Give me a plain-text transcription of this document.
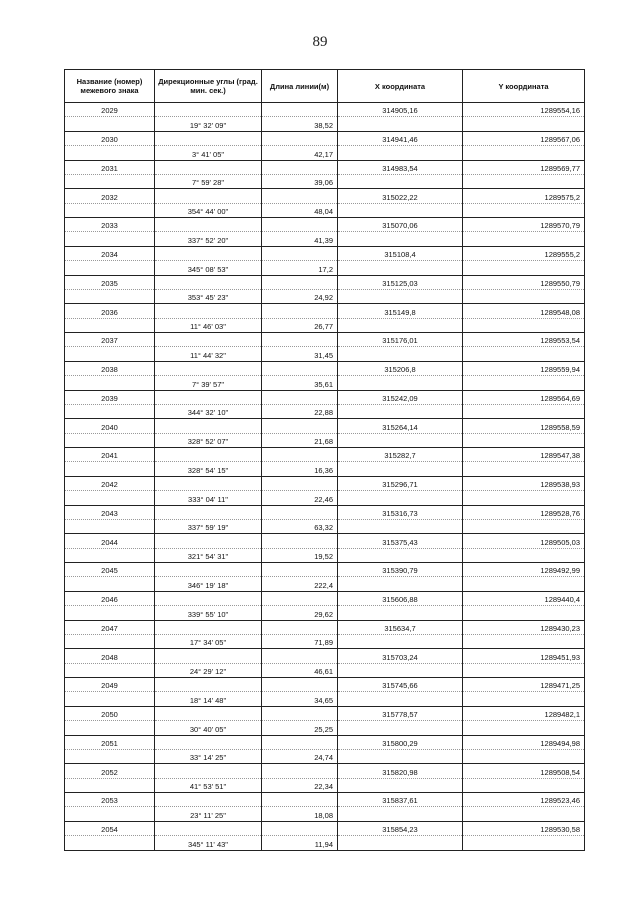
89
Название (номер) межевого знака	Дирекционные углы (град. мин. сек.)	Длина линии(м)	X координата	Y координата
2029			314905,16	1289554,16
	19° 32' 09"	38,52		
2030			314941,46	1289567,06
	3° 41' 05"	42,17		
2031			314983,54	1289569,77
	7° 59' 28"	39,06		
2032			315022,22	1289575,2
	354° 44' 00"	48,04		
2033			315070,06	1289570,79
	337° 52' 20"	41,39		
2034			315108,4	1289555,2
	345° 08' 53"	17,2		
2035			315125,03	1289550,79
	353° 45' 23"	24,92		
2036			315149,8	1289548,08
	11° 46' 03"	26,77		
2037			315176,01	1289553,54
	11° 44' 32"	31,45		
2038			315206,8	1289559,94
	7° 39' 57"	35,61		
2039			315242,09	1289564,69
	344° 32' 10"	22,88		
2040			315264,14	1289558,59
	328° 52' 07"	21,68		
2041			315282,7	1289547,38
	328° 54' 15"	16,36		
2042			315296,71	1289538,93
	333° 04' 11"	22,46		
2043			315316,73	1289528,76
	337° 59' 19"	63,32		
2044			315375,43	1289505,03
	321° 54' 31"	19,52		
2045			315390,79	1289492,99
	346° 19' 18"	222,4		
2046			315606,88	1289440,4
	339° 55' 10"	29,62		
2047			315634,7	1289430,23
	17° 34' 05"	71,89		
2048			315703,24	1289451,93
	24° 29' 12"	46,61		
2049			315745,66	1289471,25
	18° 14' 48"	34,65		
2050			315778,57	1289482,1
	30° 40' 05"	25,25		
2051			315800,29	1289494,98
	33° 14' 25"	24,74		
2052			315820,98	1289508,54
	41° 53' 51"	22,34		
2053			315837,61	1289523,46
	23° 11' 25"	18,08		
2054			315854,23	1289530,58
	345° 11' 43"	11,94		
